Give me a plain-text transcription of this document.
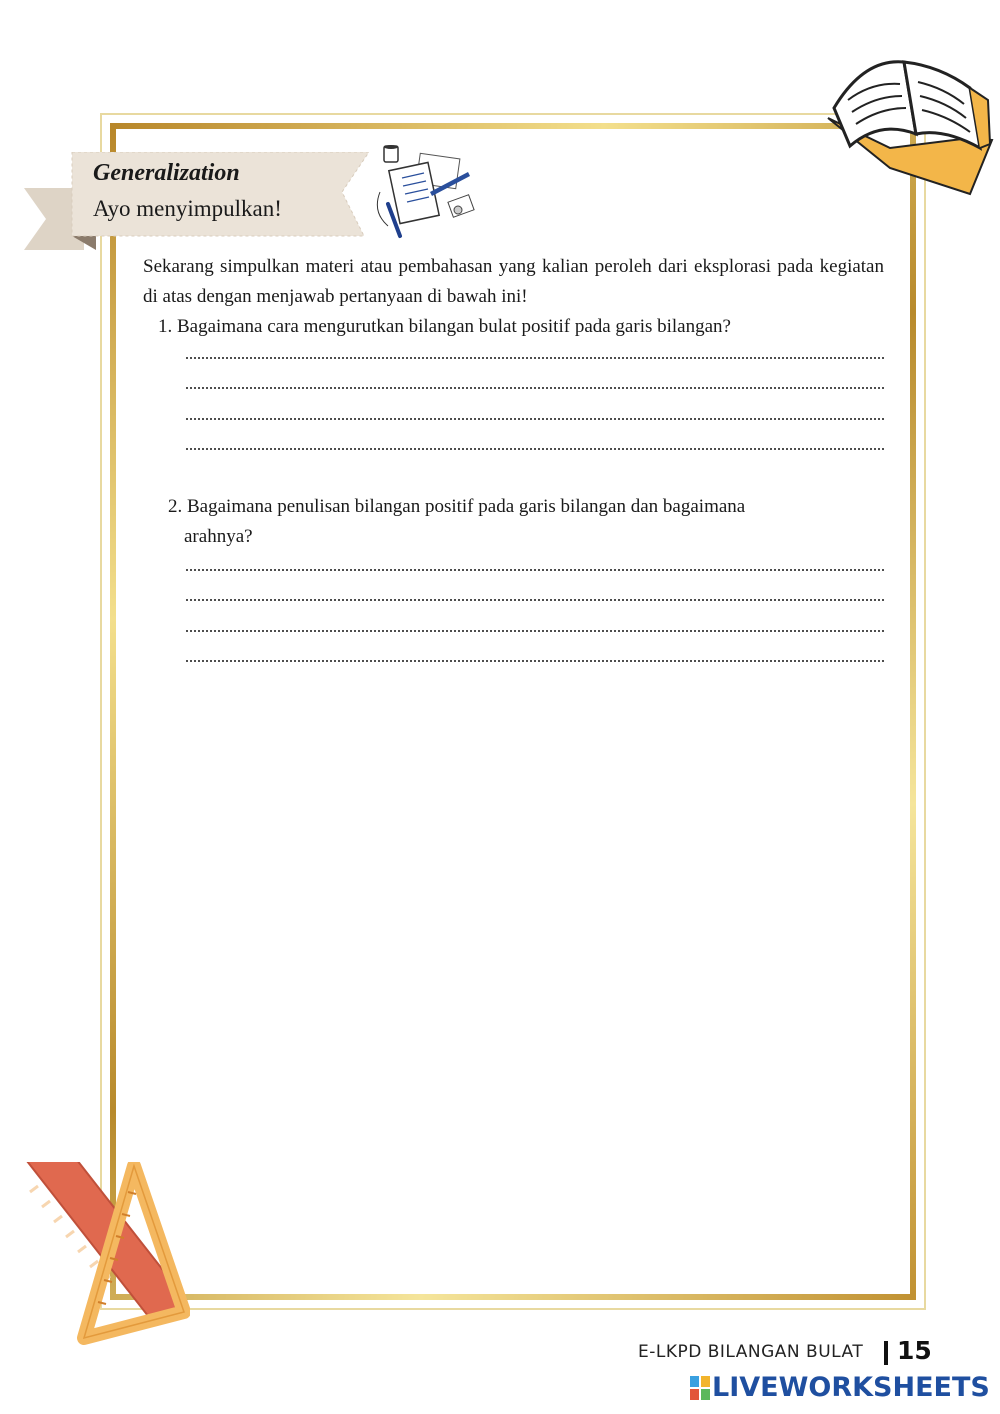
Generalization
Ayo menyimpulkan!
Sekarang simpulkan materi atau pembahasan yang kalian peroleh dari eksplorasi pada kegiatan di atas dengan menjawab pertanyaan di bawah ini!
1. Bagaimana cara mengurutkan bilangan bulat positif pada garis bilangan?
2. Bagaimana penulisan bilangan positif pada garis bilangan dan bagaimana
arahnya?
E-LKPD BILANGAN BULAT 15
LIVEWORKSHEETS
